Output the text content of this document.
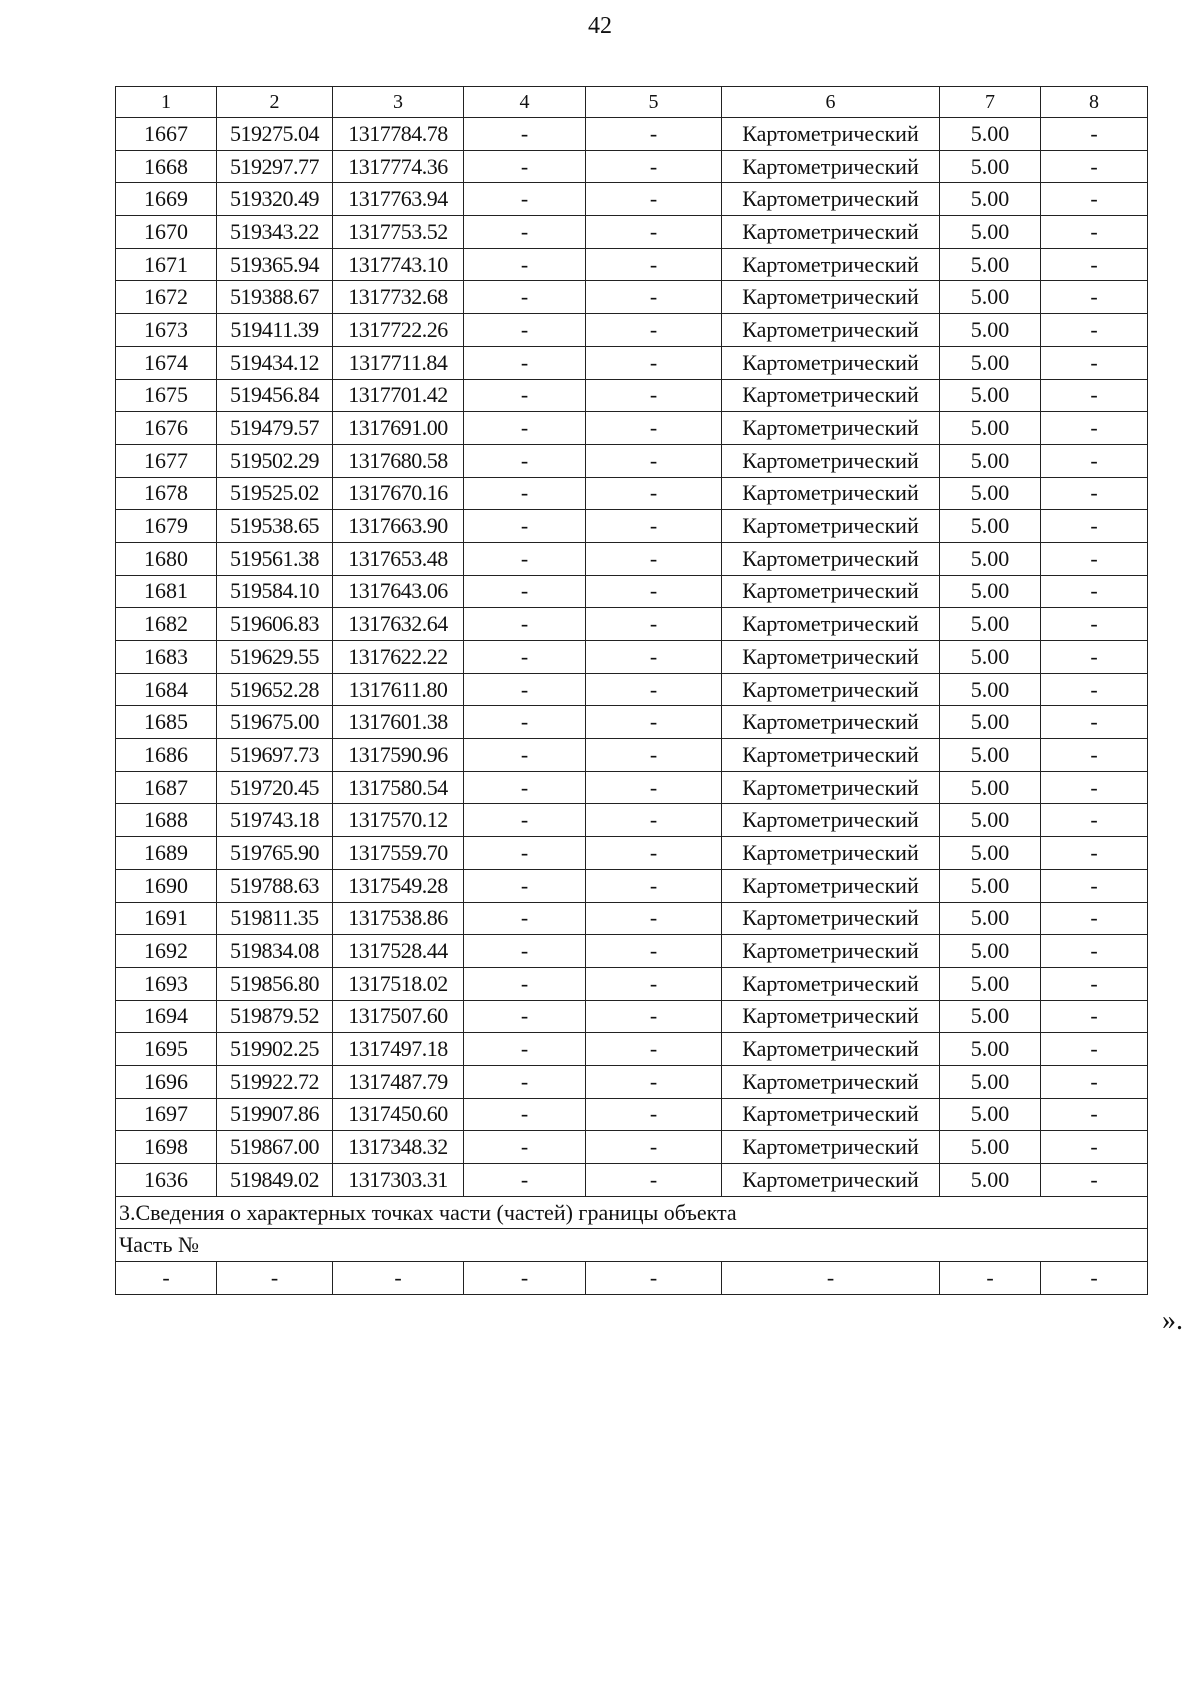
42
1	2	3	4	5	6	7	8	
1667	519275.04	1317784.78	-	-	Картометрический	5.00	-	
1668	519297.77	1317774.36	-	-	Картометрический	5.00	-	
1669	519320.49	1317763.94	-	-	Картометрический	5.00	-	
1670	519343.22	1317753.52	-	-	Картометрический	5.00	-	
1671	519365.94	1317743.10	-	-	Картометрический	5.00	-	
1672	519388.67	1317732.68	-	-	Картометрический	5.00	-	
1673	519411.39	1317722.26	-	-	Картометрический	5.00	-	
1674	519434.12	1317711.84	-	-	Картометрический	5.00	-	
1675	519456.84	1317701.42	-	-	Картометрический	5.00	-	
1676	519479.57	1317691.00	-	-	Картометрический	5.00	-	
1677	519502.29	1317680.58	-	-	Картометрический	5.00	-	
1678	519525.02	1317670.16	-	-	Картометрический	5.00	-	
1679	519538.65	1317663.90	-	-	Картометрический	5.00	-	
1680	519561.38	1317653.48	-	-	Картометрический	5.00	-	
1681	519584.10	1317643.06	-	-	Картометрический	5.00	-	
1682	519606.83	1317632.64	-	-	Картометрический	5.00	-	
1683	519629.55	1317622.22	-	-	Картометрический	5.00	-	
1684	519652.28	1317611.80	-	-	Картометрический	5.00	-	
1685	519675.00	1317601.38	-	-	Картометрический	5.00	-	
1686	519697.73	1317590.96	-	-	Картометрический	5.00	-	
1687	519720.45	1317580.54	-	-	Картометрический	5.00	-	
1688	519743.18	1317570.12	-	-	Картометрический	5.00	-	
1689	519765.90	1317559.70	-	-	Картометрический	5.00	-	
1690	519788.63	1317549.28	-	-	Картометрический	5.00	-	
1691	519811.35	1317538.86	-	-	Картометрический	5.00	-	
1692	519834.08	1317528.44	-	-	Картометрический	5.00	-	
1693	519856.80	1317518.02	-	-	Картометрический	5.00	-	
1694	519879.52	1317507.60	-	-	Картометрический	5.00	-	
1695	519902.25	1317497.18	-	-	Картометрический	5.00	-	
1696	519922.72	1317487.79	-	-	Картометрический	5.00	-	
1697	519907.86	1317450.60	-	-	Картометрический	5.00	-	
1698	519867.00	1317348.32	-	-	Картометрический	5.00	-	
1636	519849.02	1317303.31	-	-	Картометрический	5.00	-	
3.Сведения о характерных точках части (частей) границы объекта								
Часть №								
-	-	-	-	-	-	-	-	
».
